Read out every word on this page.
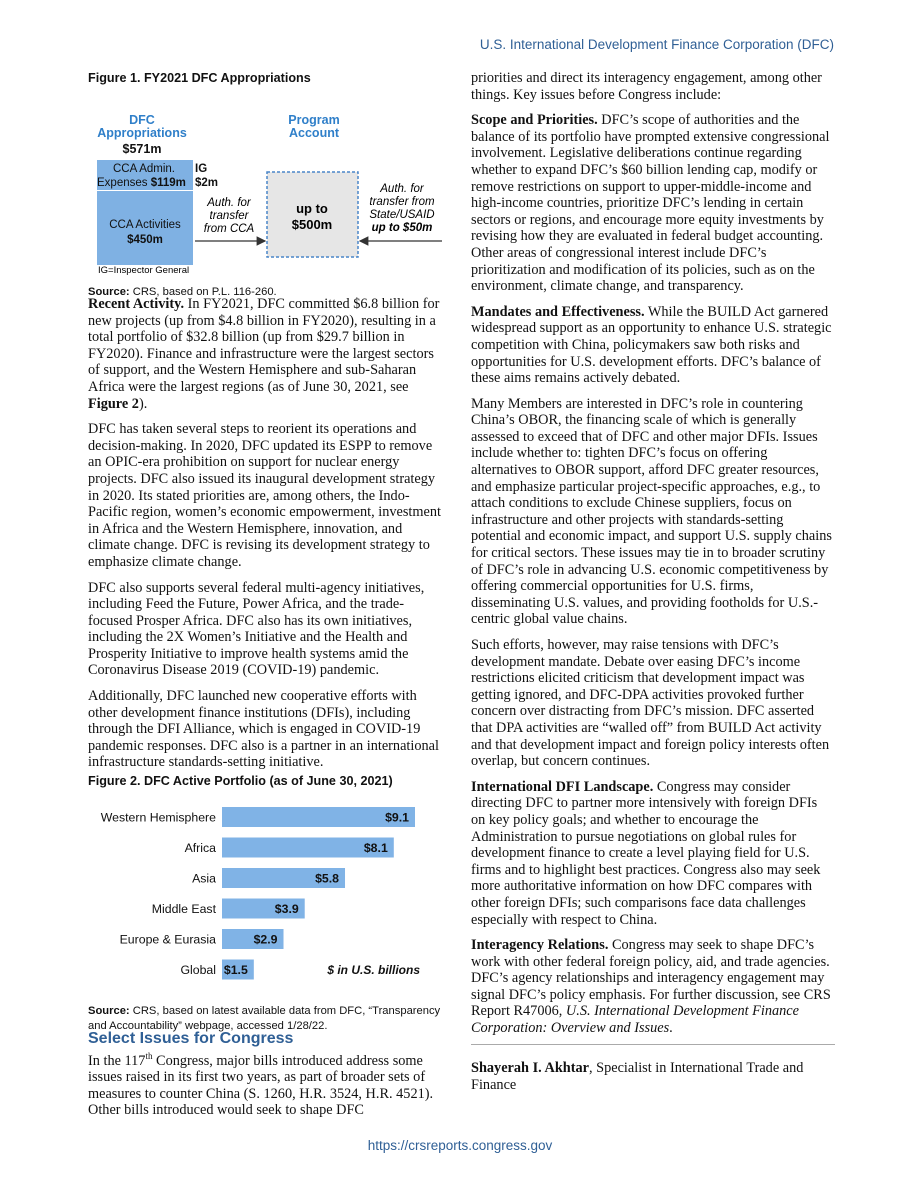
U.S. International Development Finance Corporation (DFC)

Figure 1. FY2021 DFC Appropriations

DFC
Appropriations
$571m
Program
Account
CCA Admin.
Expenses $119m
IG
$2m
CCA Activities
$450m
Auth. for
transfer
from CCA
Auth. for
transfer from
State/USAID
up to $50m
IG=Inspector General
up to
$500m

Source: CRS, based on P.L. 116-260.

Recent Activity. In FY2021, DFC committed $6.8 billion for new projects (up from $4.8 billion in FY2020), resulting in a total portfolio of $32.8 billion (up from $29.7 billion in FY2020). Finance and infrastructure were the largest sectors of support, and the Western Hemisphere and sub-Saharan Africa were the largest regions (as of June 30, 2021, see Figure 2).

DFC has taken several steps to reorient its operations and decision-making. In 2020, DFC updated its ESPP to remove an OPIC-era prohibition on support for nuclear energy projects. DFC also issued its inaugural development strategy in 2020. Its stated priorities are, among others, the Indo-Pacific region, women’s economic empowerment, investment in Africa and the Western Hemisphere, innovation, and climate change. DFC is revising its development strategy to emphasize climate change.

DFC also supports several federal multi-agency initiatives, including Feed the Future, Power Africa, and the trade-focused Prosper Africa. DFC also has its own initiatives, including the 2X Women’s Initiative and the Health and Prosperity Initiative to improve health systems amid the Coronavirus Disease 2019 (COVID-19) pandemic.

Additionally, DFC launched new cooperative efforts with other development finance institutions (DFIs), including through the DFI Alliance, which is engaged in COVID-19 pandemic responses. DFC also is a partner in an international infrastructure standards-setting initiative.

Figure 2. DFC Active Portfolio (as of June 30, 2021)

Western Hemisphere	$9.1
Africa	$8.1
Asia	$5.8
Middle East	$3.9
Europe & Eurasia	$2.9
Global $1.5	$ in U.S. billions

Source: CRS, based on latest available data from DFC, “Transparency and Accountability” webpage, accessed 1/28/22.

Select Issues for Congress

In the 117th Congress, major bills introduced address some issues raised in its first two years, as part of broader sets of measures to counter China (S. 1260, H.R. 3524, H.R. 4521). Other bills introduced would seek to shape DFC

priorities and direct its interagency engagement, among other things. Key issues before Congress include:

Scope and Priorities. DFC’s scope of authorities and the balance of its portfolio have prompted extensive congressional involvement. Legislative deliberations continue regarding whether to expand DFC’s $60 billion lending cap, modify or remove restrictions on support to upper-middle-income and high-income countries, prioritize DFC’s lending in certain sectors or regions, and encourage more equity investments by revising how they are evaluated in federal budget accounting. Other areas of congressional interest include DFC’s prioritization and modification of its policies, such as on the environment, climate change, and transparency.

Mandates and Effectiveness. While the BUILD Act garnered widespread support as an opportunity to enhance U.S. strategic competition with China, policymakers saw both risks and opportunities for U.S. development efforts. DFC’s balance of these aims remains actively debated.

Many Members are interested in DFC’s role in countering China’s OBOR, the financing scale of which is generally assessed to exceed that of DFC and other major DFIs. Issues include whether to: tighten DFC’s focus on offering alternatives to OBOR support, afford DFC greater resources, and emphasize particular project-specific approaches, e.g., to attach conditions to exclude Chinese suppliers, focus on infrastructure and other projects with standards-setting potential and economic impact, and support U.S. supply chains for critical sectors. These issues may tie in to broader scrutiny of DFC’s role in advancing U.S. economic competitiveness by offering commercial opportunities for U.S. firms, disseminating U.S. values, and providing footholds for U.S.-centric global value chains.

Such efforts, however, may raise tensions with DFC’s development mandate. Debate over easing DFC’s income restrictions elicited criticism that development impact was getting ignored, and DFC-DPA activities provoked further concern over distracting from DFC’s mission. DFC asserted that DPA activities are “walled off” from BUILD Act activity and that development impact and foreign policy interests often overlap, but concern continues.

International DFI Landscape. Congress may consider directing DFC to partner more intensively with foreign DFIs on key policy goals; and whether to encourage the Administration to pursue negotiations on global rules for development finance to create a level playing field for U.S. firms and to highlight best practices. Congress also may seek more authoritative information on how DFC compares with other foreign DFIs; such comparisons face data challenges especially with respect to China.

Interagency Relations. Congress may seek to shape DFC’s work with other federal foreign policy, aid, and trade agencies. DFC’s agency relationships and interagency engagement may signal DFC’s policy emphasis. For further discussion, see CRS Report R47006, U.S. International Development Finance Corporation: Overview and Issues.

Shayerah I. Akhtar, Specialist in International Trade and Finance

https://crsreports.congress.gov
